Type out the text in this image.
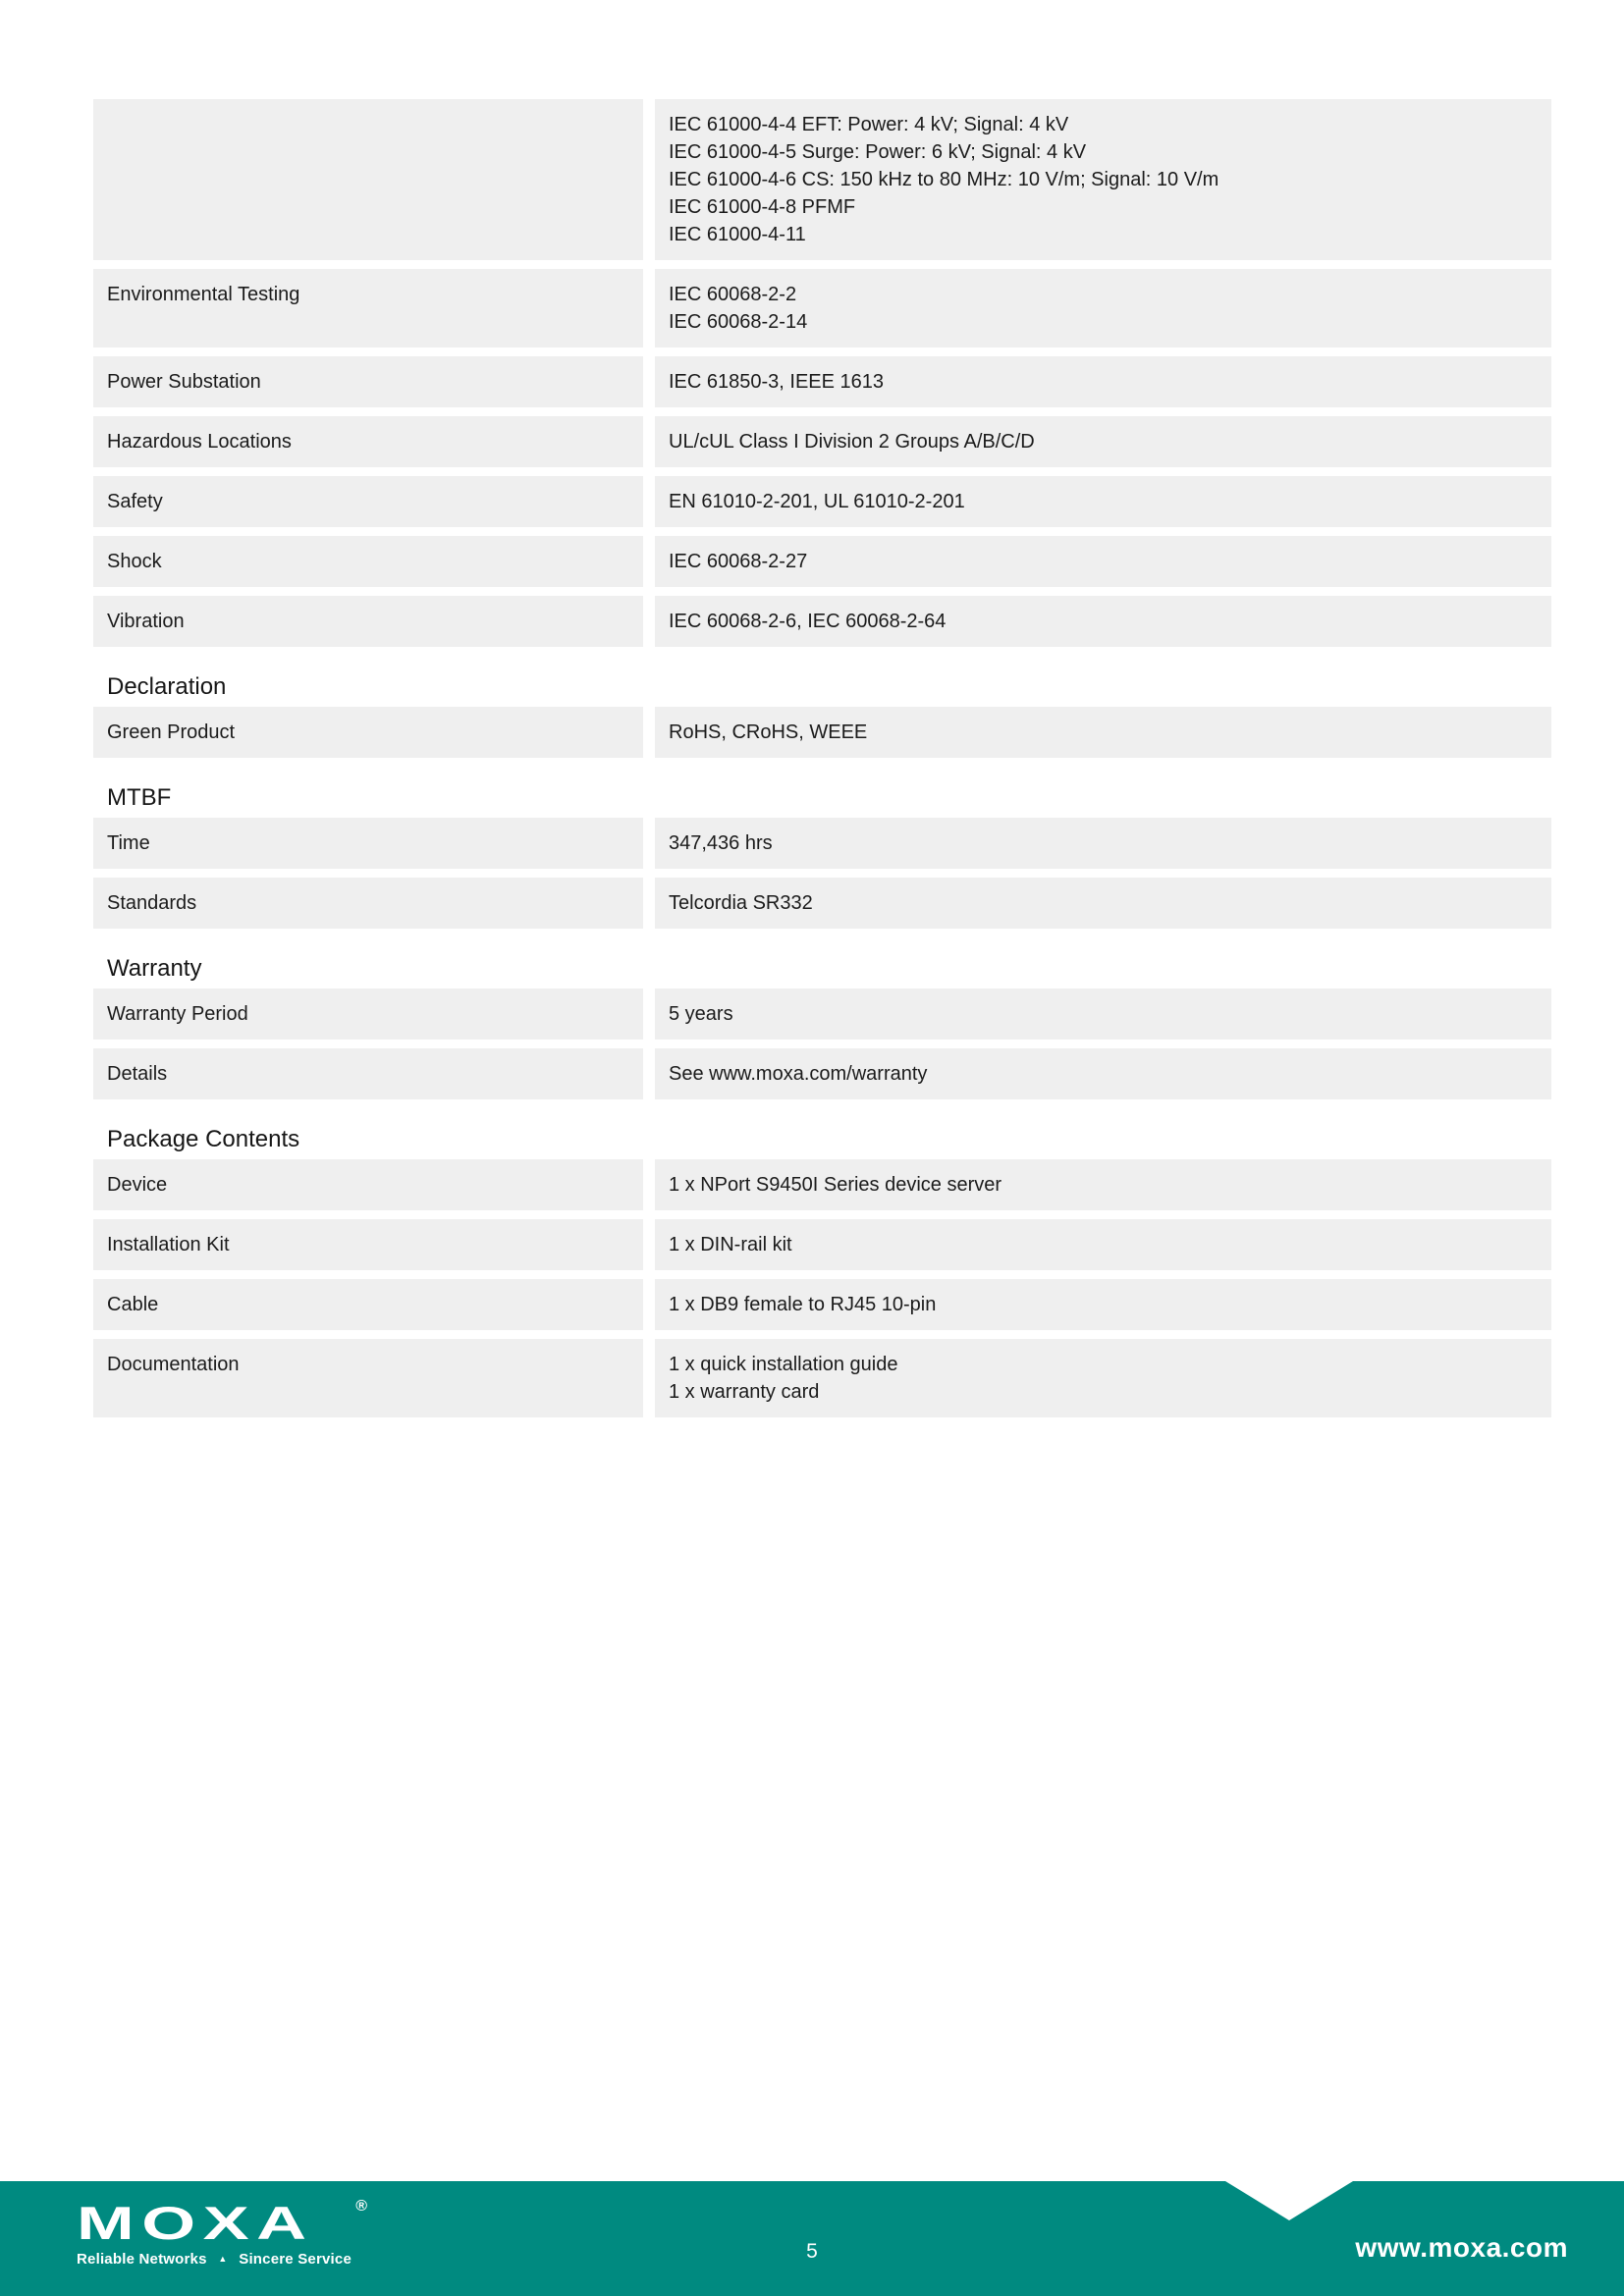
IEC 61000-4-4 EFT: Power: 4 kV; Signal: 4 kV
IEC 61000-4-5 Surge: Power: 6 kV; Signal: 4 kV
IEC 61000-4-6 CS: 150 kHz to 80 MHz: 10 V/m; Signal: 10 V/m
IEC 61000-4-8 PFMF
IEC 61000-4-11
Environmental Testing	IEC 60068-2-2
IEC 60068-2-14
Power Substation	IEC 61850-3, IEEE 1613
Hazardous Locations	UL/cUL Class I Division 2 Groups A/B/C/D
Safety	EN 61010-2-201, UL 61010-2-201
Shock	IEC 60068-2-27
Vibration	IEC 60068-2-6, IEC 60068-2-64
Declaration
Green Product	RoHS, CRoHS, WEEE
MTBF
Time	347,436 hrs
Standards	Telcordia SR332
Warranty
Warranty Period	5 years
Details	See www.moxa.com/warranty
Package Contents
Device	1 x NPort S9450I Series device server
Installation Kit	1 x DIN-rail kit
Cable	1 x DB9 female to RJ45 10-pin
Documentation	1 x quick installation guide
1 x warranty card
MOXA	®
Reliable Networks ▲ Sincere Service	5	www.moxa.com
